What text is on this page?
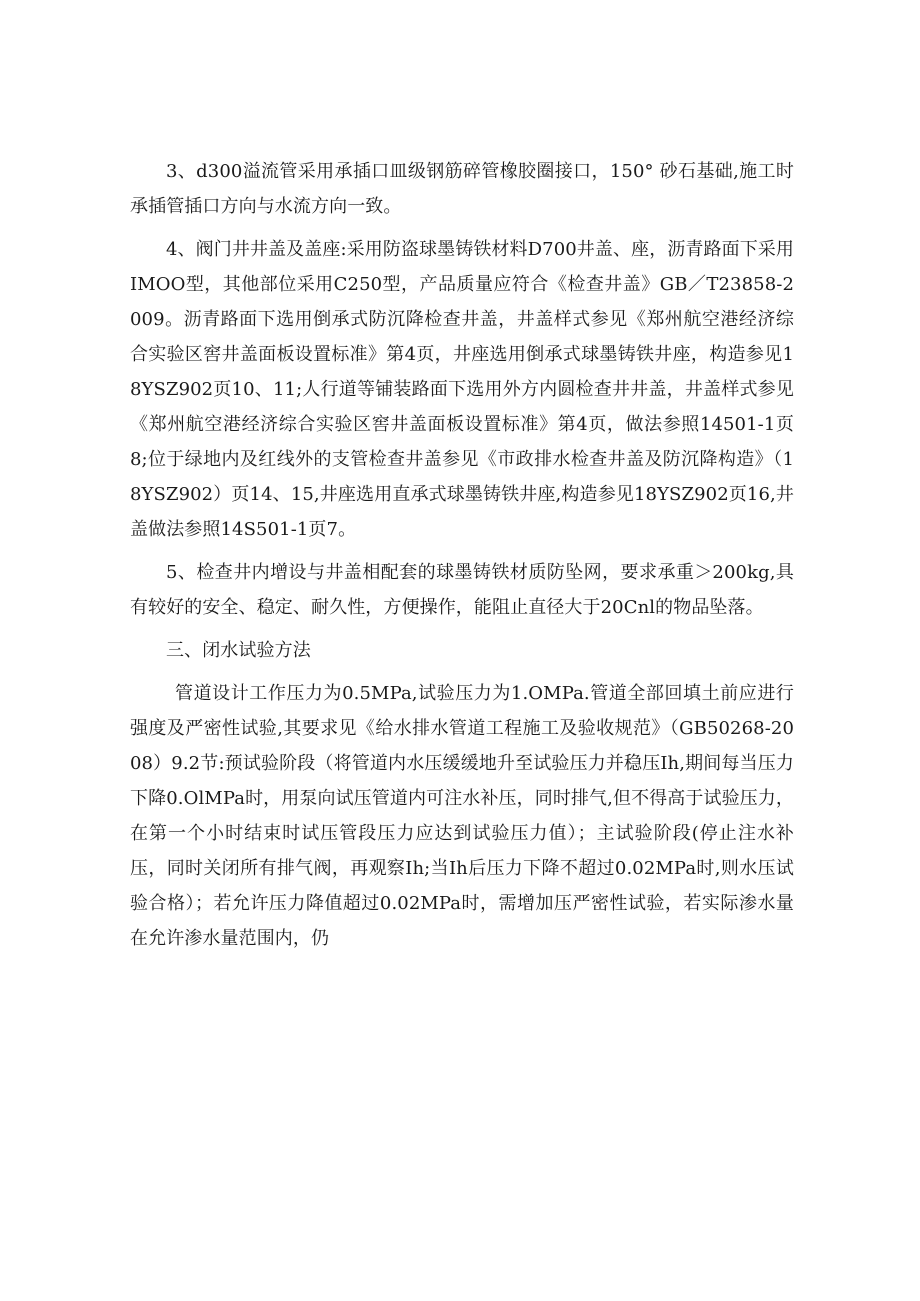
3、d300溢流管采用承插口皿级钢筋碎管橡胶圈接口，150° 砂石基础,施工时承插管插口方向与水流方向一致。

4、阀门井井盖及盖座:采用防盗球墨铸铁材料D700井盖、座，沥青路面下采用IMOO型，其他部位采用C250型，产品质量应符合《检查井盖》GB／T23858-2009。沥青路面下选用倒承式防沉降检查井盖，井盖样式参见《郑州航空港经济综合实验区窖井盖面板设置标准》第4页，井座选用倒承式球墨铸铁井座，构造参见18YSZ902页10、11;人行道等铺装路面下选用外方内圆检查井井盖，井盖样式参见《郑州航空港经济综合实验区窖井盖面板设置标准》第4页，做法参照14501-1页8;位于绿地内及红线外的支管检查井盖参见《市政排水检查井盖及防沉降构造》（18YSZ902）页14、15,井座选用直承式球墨铸铁井座,构造参见18YSZ902页16,井盖做法参照14S501-1页7。

5、检查井内增设与井盖相配套的球墨铸铁材质防坠网，要求承重＞200kg,具有较好的安全、稳定、耐久性，方便操作，能阻止直径大于20Cnl的物品坠落。

三、闭水试验方法

管道设计工作压力为0.5MPa,试验压力为1.OMPa.管道全部回填土前应进行强度及严密性试验,其要求见《给水排水管道工程施工及验收规范》（GB50268-2008）9.2节:预试验阶段（将管道内水压缓缓地升至试验压力并稳压Ih,期间每当压力下降0.OlMPa时，用泵向试压管道内可注水补压，同时排气,但不得高于试验压力，在第一个小时结束时试压管段压力应达到试验压力值）；主试验阶段(停止注水补压，同时关闭所有排气阀，再观察Ih;当Ih后压力下降不超过0.02MPa时,则水压试验合格）；若允许压力降值超过0.02MPa时，需增加压严密性试验，若实际渗水量在允许渗水量范围内，仍
